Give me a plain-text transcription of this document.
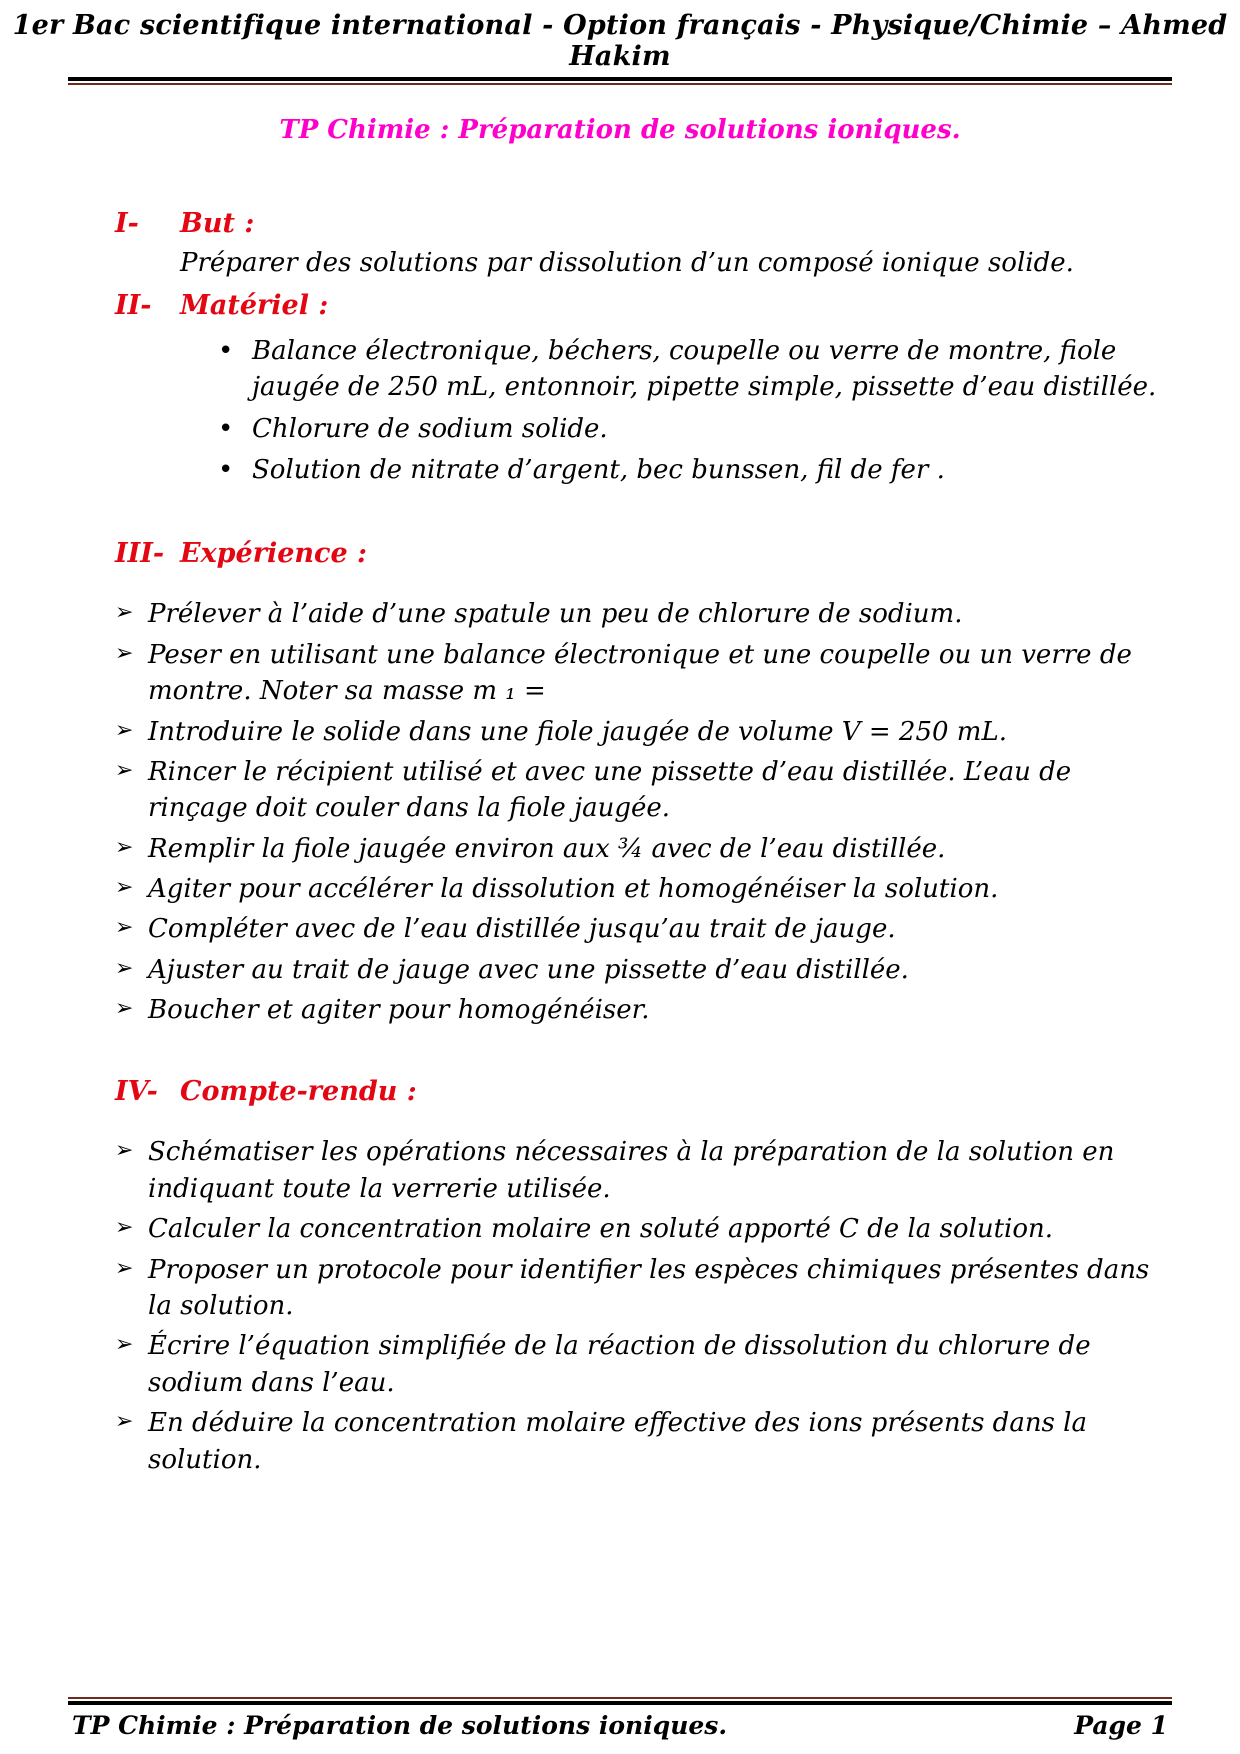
1er Bac scientifique international - Option français - Physique/Chimie – Ahmed Hakim
TP Chimie : Préparation de solutions ioniques.
I-	But :
Préparer des solutions par dissolution d’un composé ionique solide.
II-	Matériel :
• Balance électronique, béchers, coupelle ou verre de montre, fiole jaugée de 250 mL, entonnoir, pipette simple, pissette d’eau distillée.
• Chlorure de sodium solide.
• Solution de nitrate d’argent, bec bunssen, fil de fer .
III- Expérience :
➢ Prélever à l’aide d’une spatule un peu de chlorure de sodium.
➢ Peser en utilisant une balance électronique et une coupelle ou un verre de montre. Noter sa masse m ₁ =
➢ Introduire le solide dans une fiole jaugée de volume V = 250 mL.
➢ Rincer le récipient utilisé et avec une pissette d’eau distillée. L’eau de rinçage doit couler dans la fiole jaugée.
➢ Remplir la fiole jaugée environ aux ¾ avec de l’eau distillée.
➢ Agiter pour accélérer la dissolution et homogénéiser la solution.
➢ Compléter avec de l’eau distillée jusqu’au trait de jauge.
➢ Ajuster au trait de jauge avec une pissette d’eau distillée.
➢ Boucher et agiter pour homogénéiser.
IV- Compte-rendu :
➢ Schématiser les opérations nécessaires à la préparation de la solution en indiquant toute la verrerie utilisée.
➢ Calculer la concentration molaire en soluté apporté C de la solution.
➢ Proposer un protocole pour identifier les espèces chimiques présentes dans la solution.
➢ Écrire l’équation simplifiée de la réaction de dissolution du chlorure de sodium dans l’eau.
➢ En déduire la concentration molaire effective des ions présents dans la solution.
TP Chimie : Préparation de solutions ioniques.	Page 1
